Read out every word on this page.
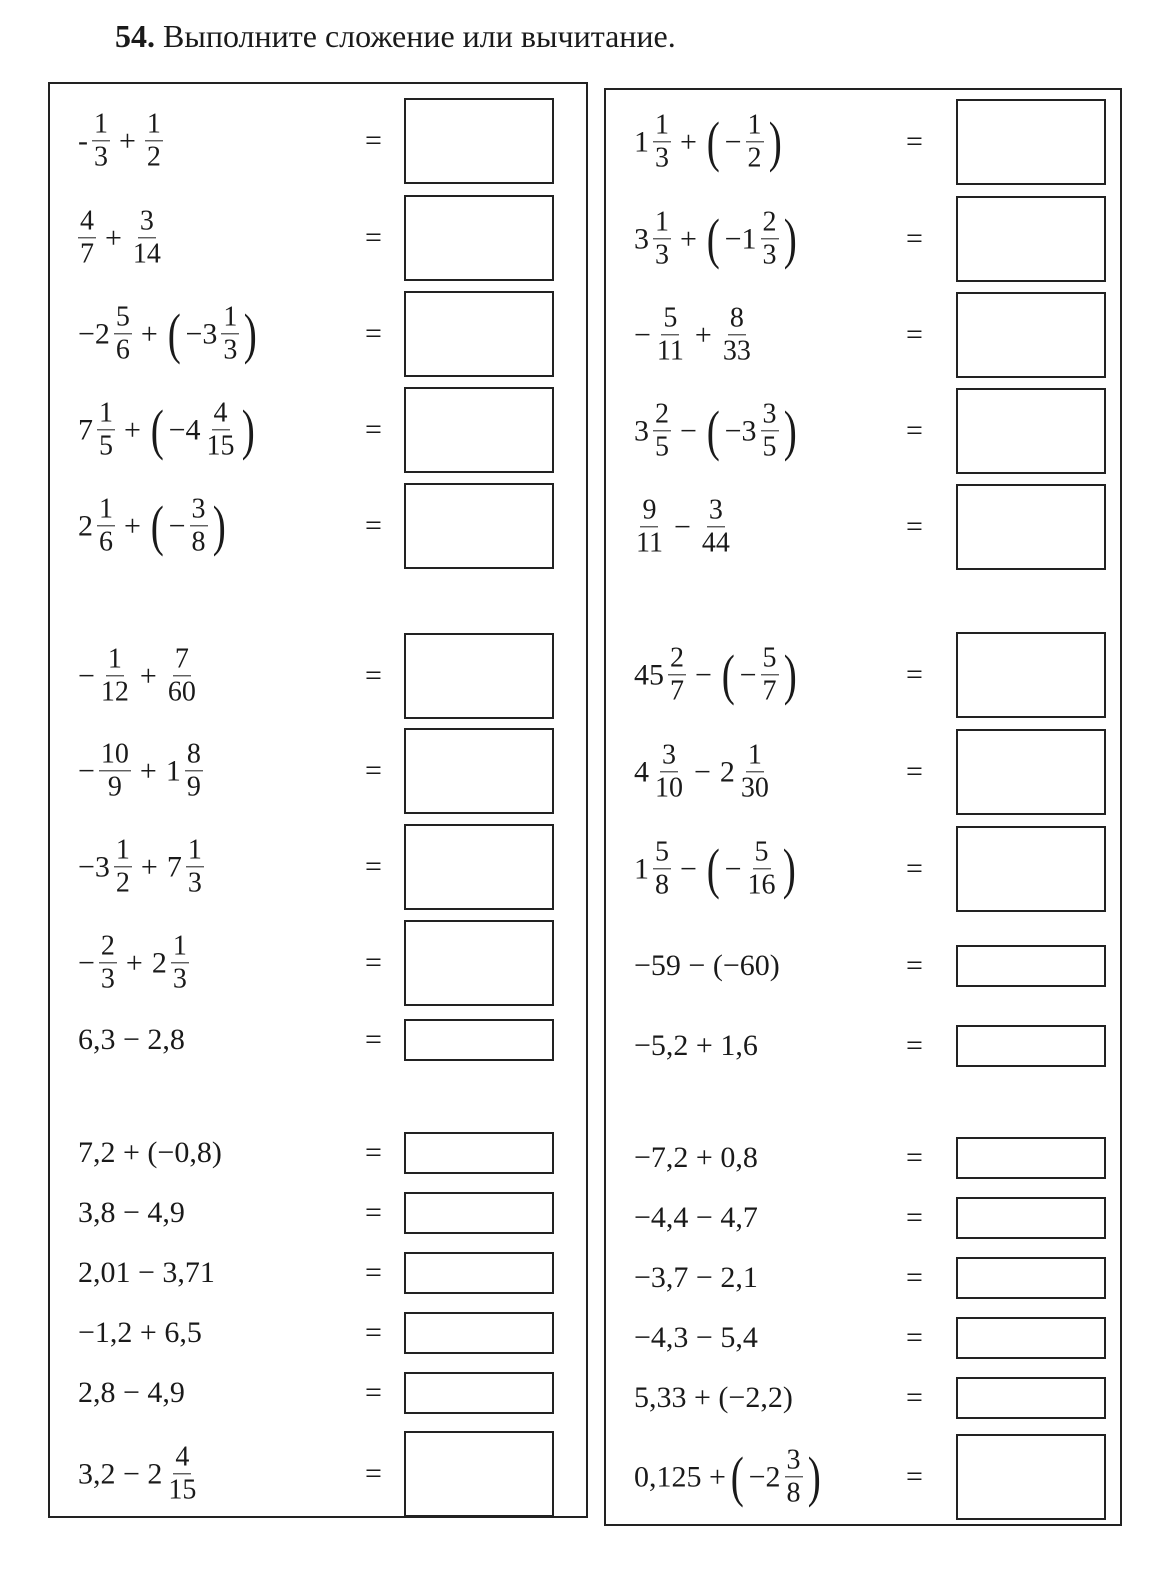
54. Выполните сложение или вычитание.
- $\frac{1}{3} + \frac{1}{2}$	=
$\frac{4}{7} + \frac{3}{14}$	=
$-2 \frac{5}{6}$ + ( $-3 \frac{1}{3}$ )	=
$7 \frac{1}{5}$ + ( $-4 \frac{4}{15}$ )	=
$2 \frac{1}{6}$ + ( − $\frac{3}{8}$ )	=
− $\frac{1}{12} + \frac{7}{60}$	=
− $\frac{10}{9} + 1 \frac{8}{9}$	=
$-3 \frac{1}{2} + 7 \frac{1}{3}$	=
− $\frac{2}{3} + 2 \frac{1}{3}$	=
6,3 − 2,8	=
7,2 + (−0,8)	=
3,8 − 4,9	=
2,01 − 3,71	=
−1,2 + 6,5	=
2,8 − 4,9	=
$3,2 - 2 \frac{4}{15}$	=
$1 \frac{1}{3}$ + ( − $\frac{1}{2}$ )	=
$3 \frac{1}{3}$ + ( $-1 \frac{2}{3}$ )	=
− $\frac{5}{11} + \frac{8}{33}$	=
$3 \frac{2}{5}$ − ( $-3 \frac{3}{5}$ )	=
$\frac{9}{11} - \frac{3}{44}$	=
$45 \frac{2}{7}$ − ( − $\frac{5}{7}$ )	=
$4 \frac{3}{10} - 2 \frac{1}{30}$	=
$1 \frac{5}{8}$ − ( − $\frac{5}{16}$ )	=
−59 − (−60)	=
−5,2 + 1,6	=
−7,2 + 0,8	=
−4,4 − 4,7	=
−3,7 − 2,1	=
−4,3 − 5,4	=
5,33 + (−2,2)	=
0,125 + ( $-2 \frac{3}{8}$ )	=
